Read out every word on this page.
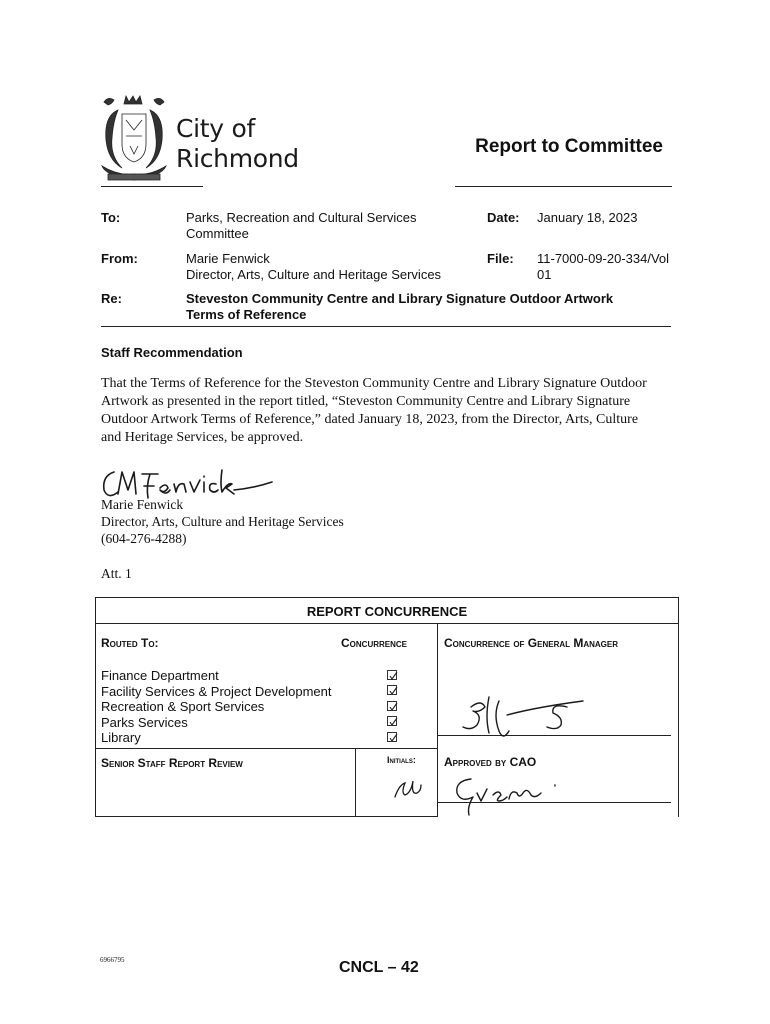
City of
Richmond	Report to Committee
To:	Parks, Recreation and Cultural Services Committee
Date: January 18, 2023
From:	Marie Fenwick
Director, Arts, Culture and Heritage Services
File: 11-7000-09-20-334/Vol 01
Re:	Steveston Community Centre and Library Signature Outdoor Artwork Terms of Reference
Staff Recommendation
That the Terms of Reference for the Steveston Community Centre and Library Signature Outdoor Artwork as presented in the report titled, “Steveston Community Centre and Library Signature Outdoor Artwork Terms of Reference,” dated January 18, 2023, from the Director, Arts, Culture and Heritage Services, be approved.
Marie Fenwick
Director, Arts, Culture and Heritage Services
(604-276-4288)
Att. 1
REPORT CONCURRENCE
Routed To:	Concurrence	Concurrence of General Manager
Finance Department
Facility Services & Project Development
Recreation & Sport Services
Parks Services
Library
Senior Staff Report Review	Initials: Approved by CAO
6966795	CNCL – 42
